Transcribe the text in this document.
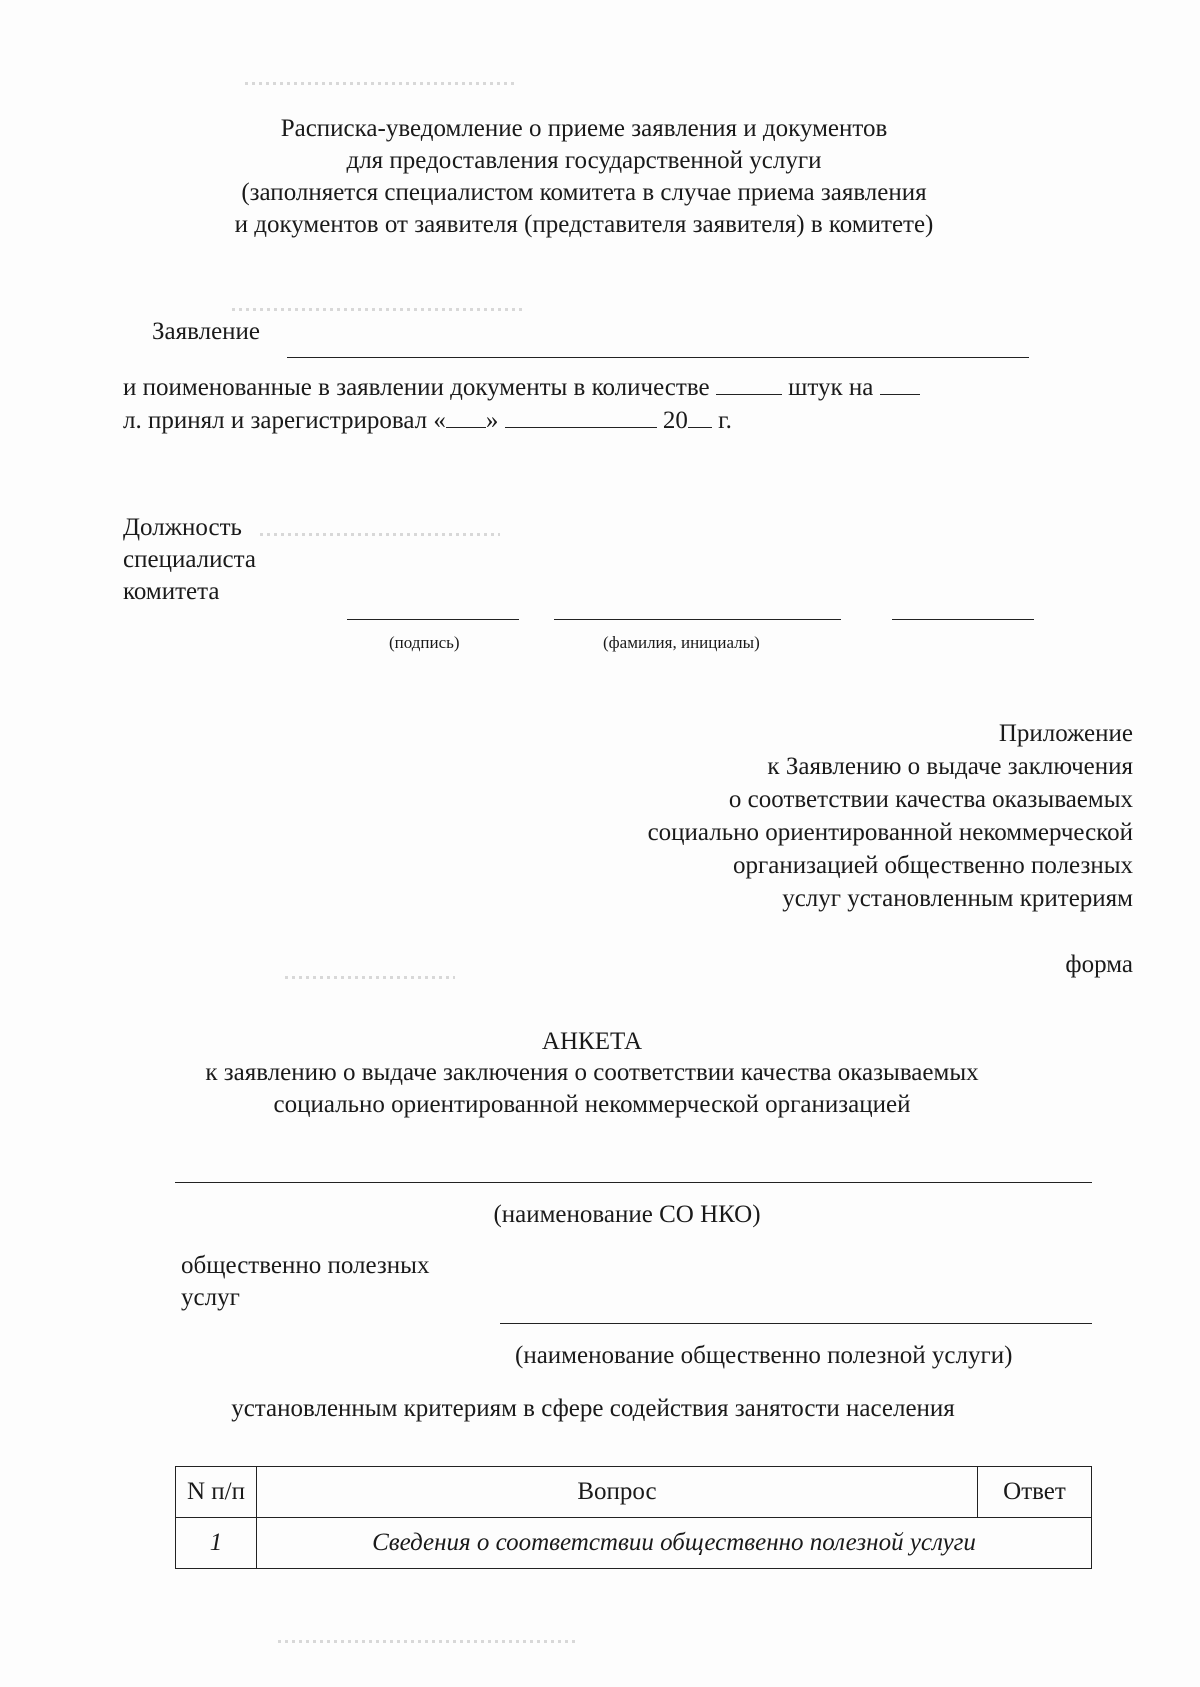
Расписка-уведомление о приеме заявления и документов
для предоставления государственной услуги
(заполняется специалистом комитета в случае приема заявления
и документов от заявителя (представителя заявителя) в комитете)
Заявление
и поименованные в заявлении документы в количестве	штук на
л. принял и зарегистрировал « »	20 г.
Должность
специалиста
комитета
(подпись)	(фамилия, инициалы)
Приложение
к Заявлению о выдаче заключения
о соответствии качества оказываемых
социально ориентированной некоммерческой
организацией общественно полезных
услуг установленным критериям
форма
АНКЕТА
к заявлению о выдаче заключения о соответствии качества оказываемых
социально ориентированной некоммерческой организацией
(наименование СО НКО)
общественно полезных
услуг
(наименование общественно полезной услуги)
установленным критериям в сфере содействия занятости населения
N п/п	Вопрос	Ответ
1	Сведения о соответствии общественно полезной услуги	
